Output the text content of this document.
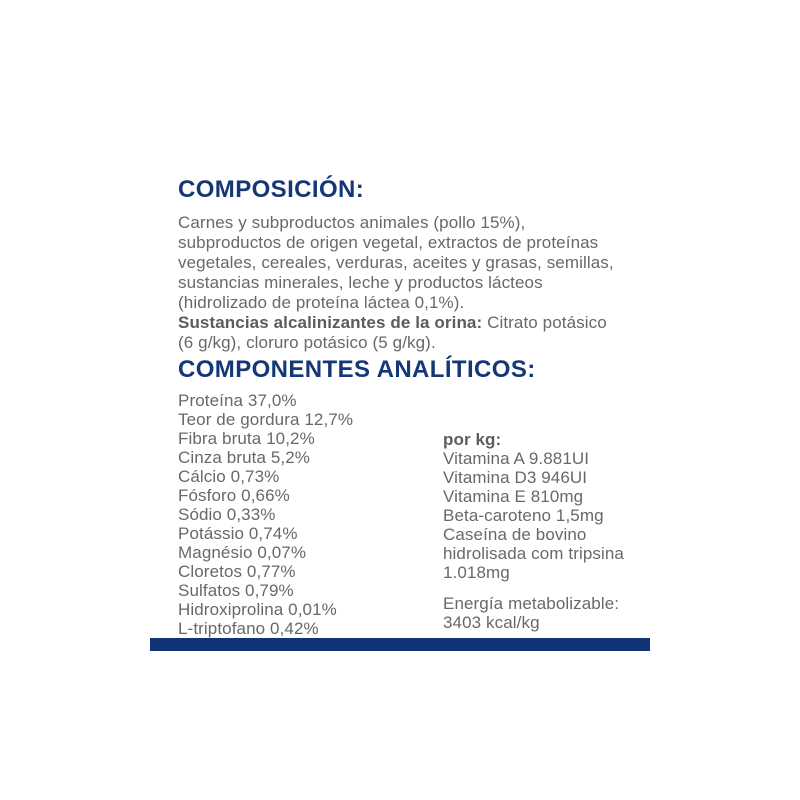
COMPOSICIÓN:
Carnes y subproductos animales (pollo 15%),
subproductos de origen vegetal, extractos de proteínas
vegetales, cereales, verduras, aceites y grasas, semillas,
sustancias minerales, leche y productos lácteos
(hidrolizado de proteína láctea 0,1%).
Sustancias alcalinizantes de la orina: Citrato potásico
(6 g/kg), cloruro potásico (5 g/kg).
COMPONENTES ANALÍTICOS:
Proteína 37,0%
Teor de gordura 12,7%
Fibra bruta 10,2%
Cinza bruta 5,2%
Cálcio 0,73%
Fósforo 0,66%
Sódio 0,33%
Potássio 0,74%
Magnésio 0,07%
Cloretos 0,77%
Sulfatos 0,79%
Hidroxiprolina 0,01%
L-triptofano 0,42%
por kg:
Vitamina A 9.881UI
Vitamina D3 946UI
Vitamina E 810mg
Beta-caroteno 1,5mg
Caseína de bovino
hidrolisada com tripsina
1.018mg
Energía metabolizable:
3403 kcal/kg
